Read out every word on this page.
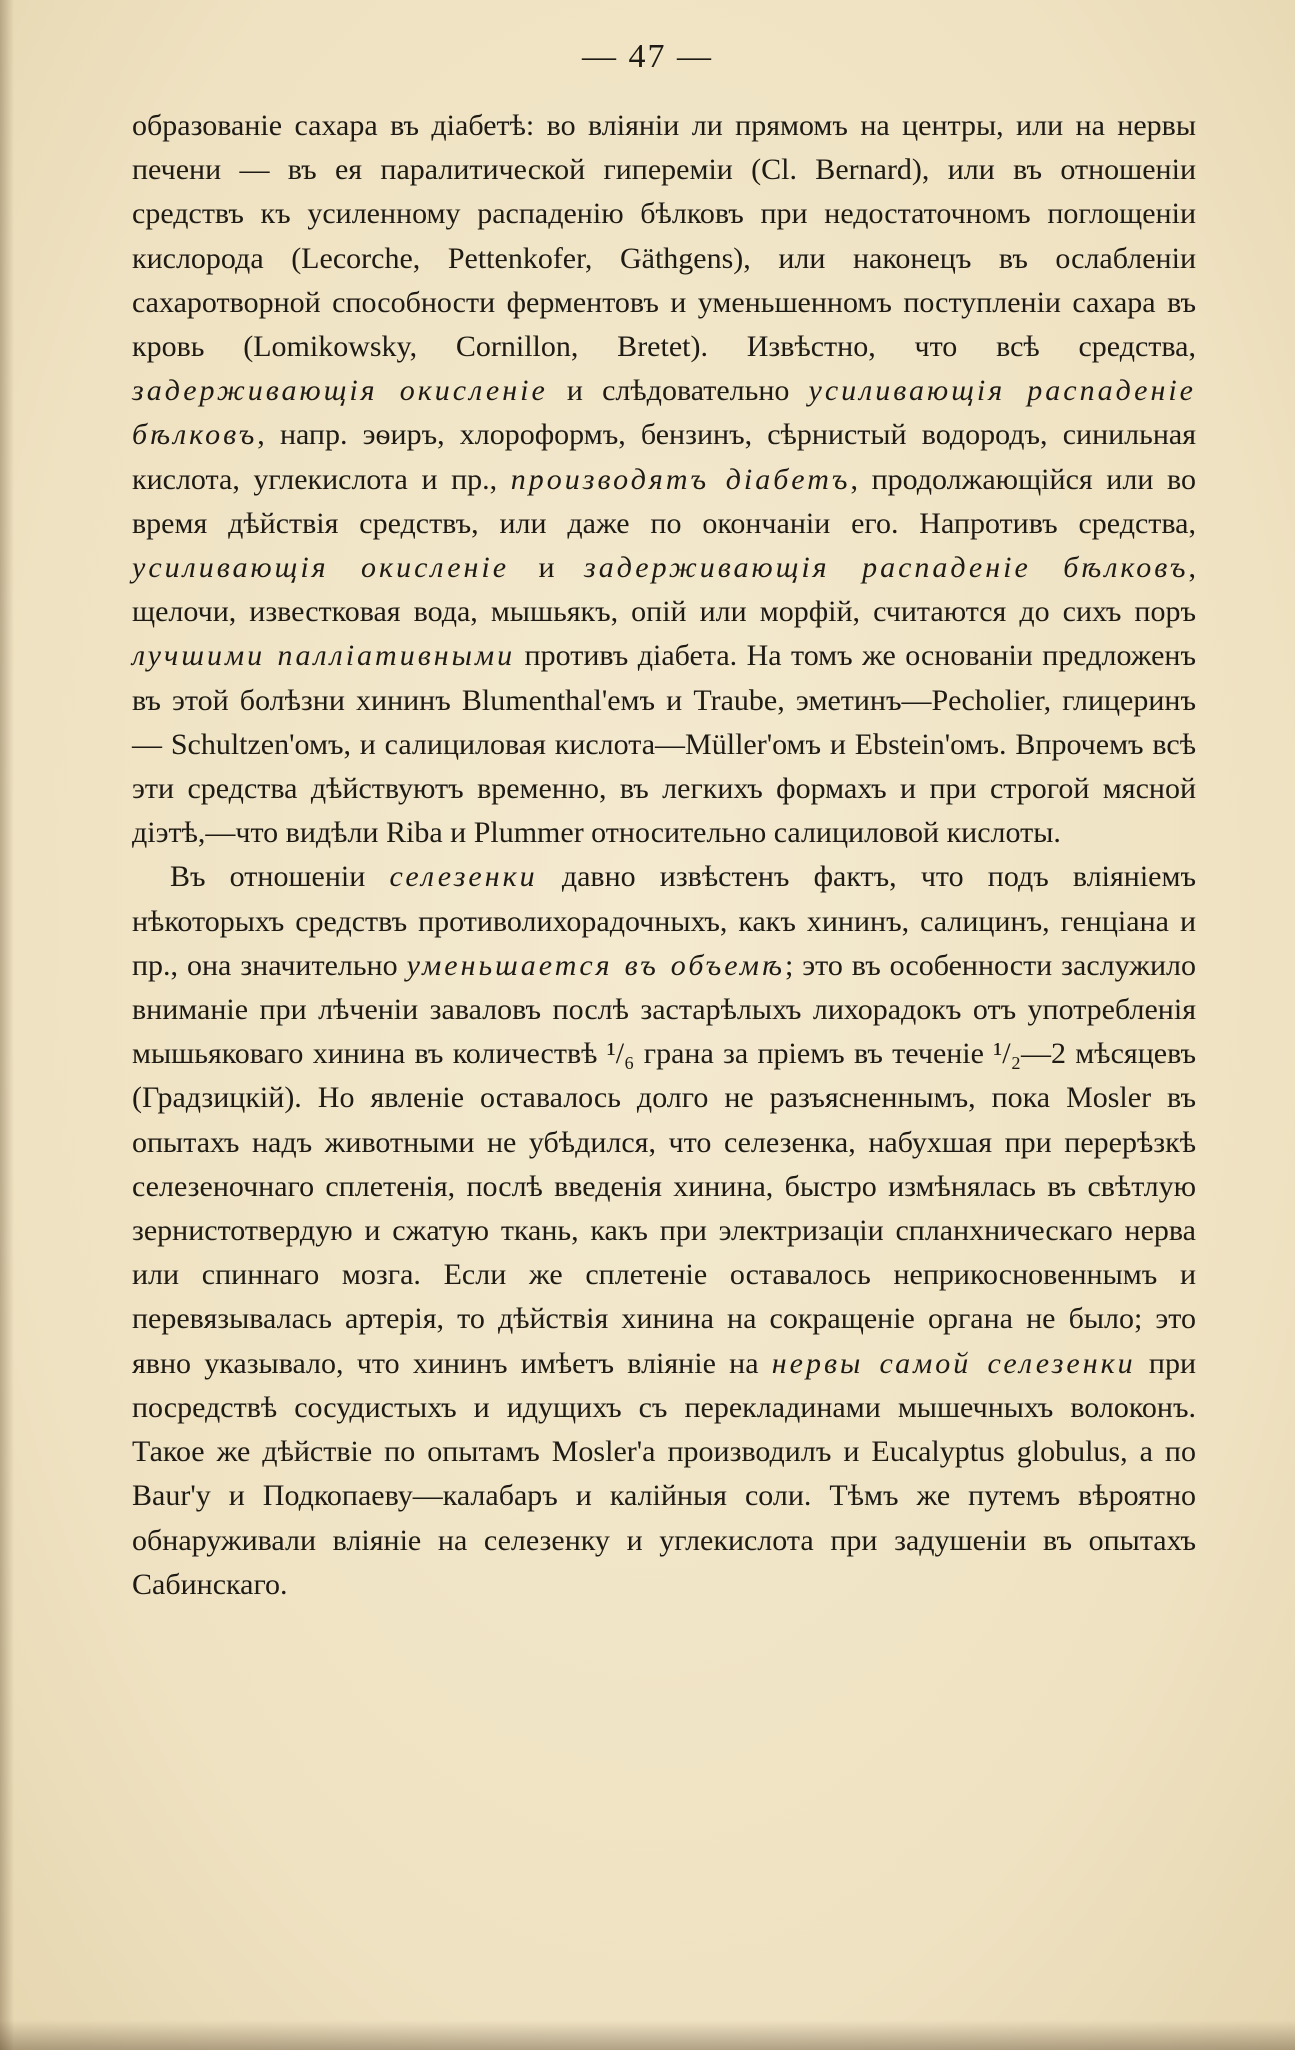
— 47 —

образованіе сахара въ діабетѣ: во вліяніи ли прямомъ на центры, или на нервы печени — въ ея паралитической гипереміи (Cl. Bernard), или въ отношеніи средствъ къ усиленному распаденію бѣлковъ при недостаточномъ поглощеніи кислорода (Lecorche, Pettenkofer, Gäthgens), или наконецъ въ ослабленіи сахаротворной способности ферментовъ и уменьшенномъ поступленіи сахара въ кровь (Lomikowsky, Cornillon, Bretet). Извѣстно, что всѣ средства, задерживающія окисленіе и слѣдовательно усиливающія распаденіе бѣлковъ, напр. эѳиръ, хлороформъ, бензинъ, сѣрнистый водородъ, синильная кислота, углекислота и пр., производятъ діабетъ, продолжающійся или во время дѣйствія средствъ, или даже по окончаніи его. Напротивъ средства, усиливающія окисленіе и задерживающія распаденіе бѣлковъ, щелочи, известковая вода, мышьякъ, опій или морфій, считаются до сихъ поръ лучшими палліативными противъ діабета. На томъ же основаніи предложенъ въ этой болѣзни хининъ Blumenthal'емъ и Traube, эметинъ—Pecholier, глицеринъ — Schultzen'омъ, и салициловая кислота—Müller'омъ и Ebstein'омъ. Впрочемъ всѣ эти средства дѣйствуютъ временно, въ легкихъ формахъ и при строгой мясной діэтѣ,—что видѣли Riba и Plummer относительно салициловой кислоты.

Въ отношеніи селезенки давно извѣстенъ фактъ, что подъ вліяніемъ нѣкоторыхъ средствъ противолихорадочныхъ, какъ хининъ, салицинъ, генціана и пр., она значительно уменьшается въ объемѣ; это въ особенности заслужило вниманіе при лѣченіи заваловъ послѣ застарѣлыхъ лихорадокъ отъ употребленія мышьяковаго хинина въ количествѣ ¹/₆ грана за пріемъ въ теченіе ¹/₂—2 мѣсяцевъ (Градзицкій). Но явленіе оставалось долго не разъясненнымъ, пока Mosler въ опытахъ надъ животными не убѣдился, что селезенка, набухшая при перерѣзкѣ селезеночнаго сплетенія, послѣ введенія хинина, быстро измѣнялась въ свѣтлую зернистотвердую и сжатую ткань, какъ при электризаціи спланхническаго нерва или спиннаго мозга. Если же сплетеніе оставалось неприкосновеннымъ и перевязывалась артерія, то дѣйствія хинина на сокращеніе органа не было; это явно указывало, что хининъ имѣетъ вліяніе на нервы самой селезенки при посредствѣ сосудистыхъ и идущихъ съ перекладинами мышечныхъ волоконъ. Такое же дѣйствіе по опытамъ Mosler'а производилъ и Eucalyptus globulus, а по Baur'у и Подкопаеву—калабаръ и калійныя соли. Тѣмъ же путемъ вѣроятно обнаруживали вліяніе на селезенку и углекислота при задушеніи въ опытахъ Сабинскаго.
